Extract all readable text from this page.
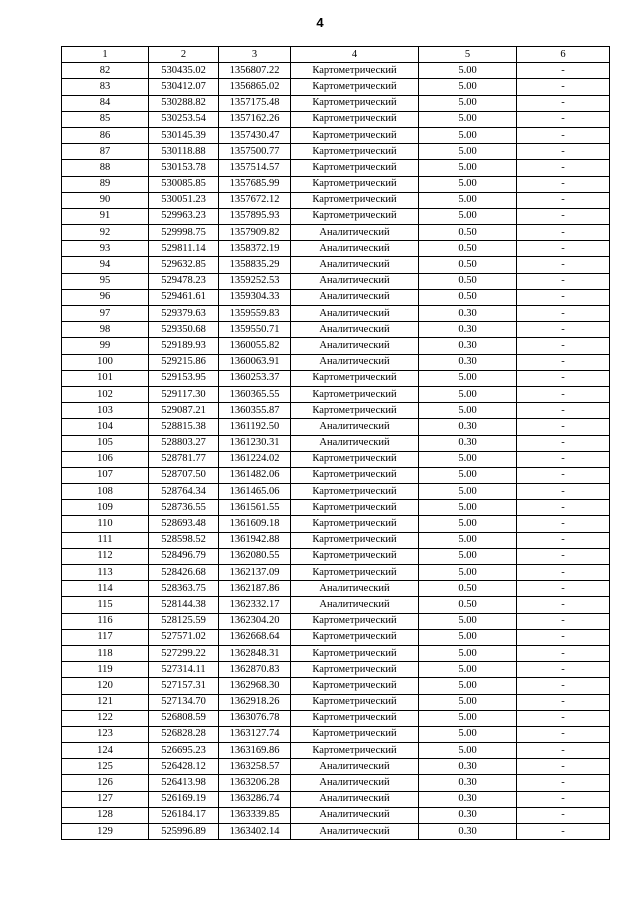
4
1	2	3	4	5	6
82	530435.02	1356807.22	Картометрический	5.00	-
83	530412.07	1356865.02	Картометрический	5.00	-
84	530288.82	1357175.48	Картометрический	5.00	-
85	530253.54	1357162.26	Картометрический	5.00	-
86	530145.39	1357430.47	Картометрический	5.00	-
87	530118.88	1357500.77	Картометрический	5.00	-
88	530153.78	1357514.57	Картометрический	5.00	-
89	530085.85	1357685.99	Картометрический	5.00	-
90	530051.23	1357672.12	Картометрический	5.00	-
91	529963.23	1357895.93	Картометрический	5.00	-
92	529998.75	1357909.82	Аналитический	0.50	-
93	529811.14	1358372.19	Аналитический	0.50	-
94	529632.85	1358835.29	Аналитический	0.50	-
95	529478.23	1359252.53	Аналитический	0.50	-
96	529461.61	1359304.33	Аналитический	0.50	-
97	529379.63	1359559.83	Аналитический	0.30	-
98	529350.68	1359550.71	Аналитический	0.30	-
99	529189.93	1360055.82	Аналитический	0.30	-
100	529215.86	1360063.91	Аналитический	0.30	-
101	529153.95	1360253.37	Картометрический	5.00	-
102	529117.30	1360365.55	Картометрический	5.00	-
103	529087.21	1360355.87	Картометрический	5.00	-
104	528815.38	1361192.50	Аналитический	0.30	-
105	528803.27	1361230.31	Аналитический	0.30	-
106	528781.77	1361224.02	Картометрический	5.00	-
107	528707.50	1361482.06	Картометрический	5.00	-
108	528764.34	1361465.06	Картометрический	5.00	-
109	528736.55	1361561.55	Картометрический	5.00	-
110	528693.48	1361609.18	Картометрический	5.00	-
111	528598.52	1361942.88	Картометрический	5.00	-
112	528496.79	1362080.55	Картометрический	5.00	-
113	528426.68	1362137.09	Картометрический	5.00	-
114	528363.75	1362187.86	Аналитический	0.50	-
115	528144.38	1362332.17	Аналитический	0.50	-
116	528125.59	1362304.20	Картометрический	5.00	-
117	527571.02	1362668.64	Картометрический	5.00	-
118	527299.22	1362848.31	Картометрический	5.00	-
119	527314.11	1362870.83	Картометрический	5.00	-
120	527157.31	1362968.30	Картометрический	5.00	-
121	527134.70	1362918.26	Картометрический	5.00	-
122	526808.59	1363076.78	Картометрический	5.00	-
123	526828.28	1363127.74	Картометрический	5.00	-
124	526695.23	1363169.86	Картометрический	5.00	-
125	526428.12	1363258.57	Аналитический	0.30	-
126	526413.98	1363206.28	Аналитический	0.30	-
127	526169.19	1363286.74	Аналитический	0.30	-
128	526184.17	1363339.85	Аналитический	0.30	-
129	525996.89	1363402.14	Аналитический	0.30	-
